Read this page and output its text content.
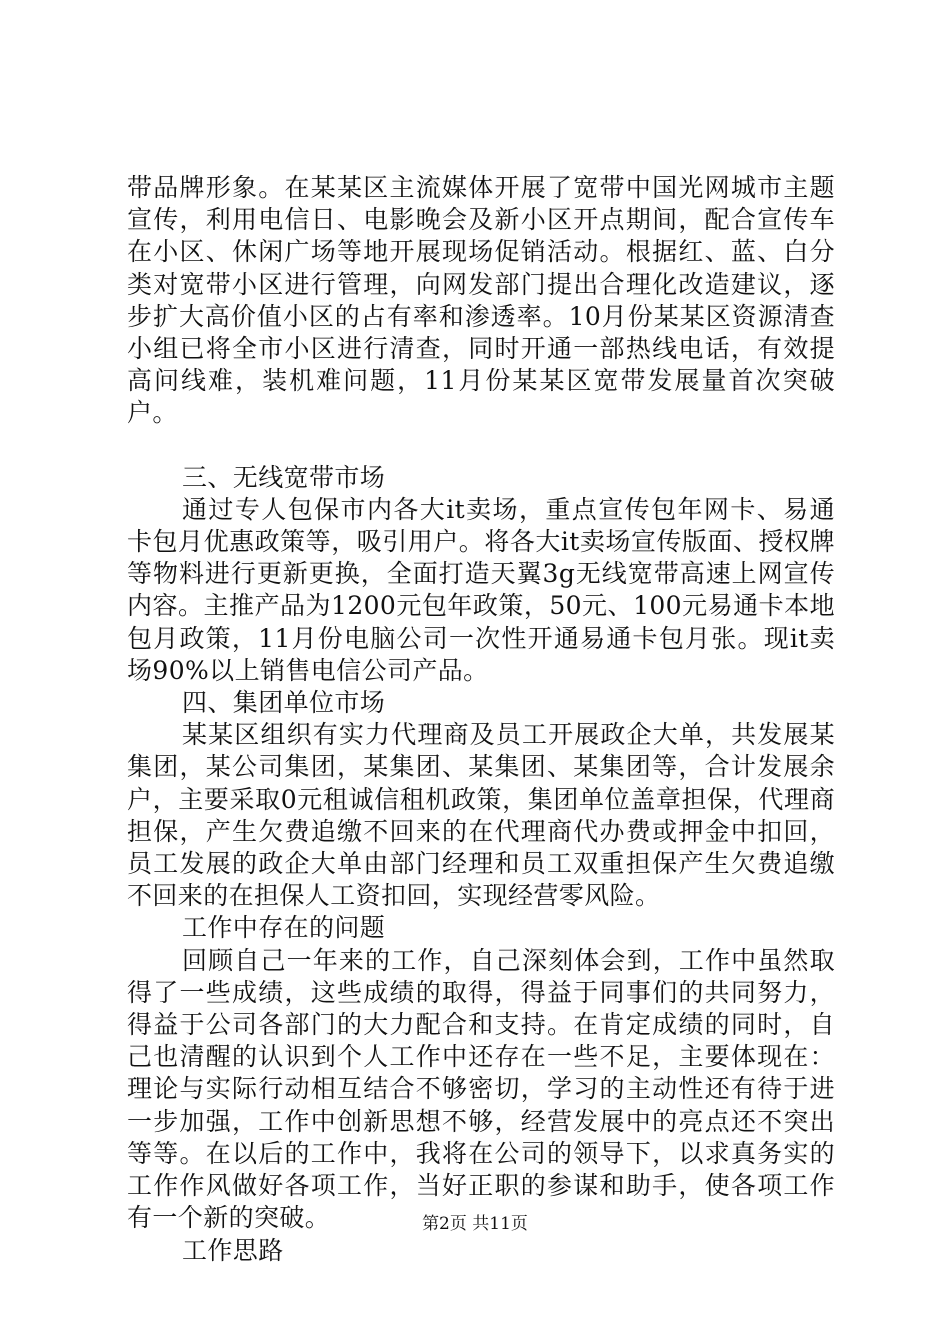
带品牌形象。在某某区主流媒体开展了宽带中国光网城市主题宣传，利用电信日、电影晚会及新小区开点期间，配合宣传车在小区、休闲广场等地开展现场促销活动。根据红、蓝、白分类对宽带小区进行管理，向网发部门提出合理化改造建议，逐步扩大高价值小区的占有率和渗透率。10月份某某区资源清查小组已将全市小区进行清查，同时开通一部热线电话，有效提高问线难，装机难问题，11月份某某区宽带发展量首次突破户。

三、无线宽带市场

通过专人包保市内各大it卖场，重点宣传包年网卡、易通卡包月优惠政策等，吸引用户。将各大it卖场宣传版面、授权牌等物料进行更新更换，全面打造天翼3g无线宽带高速上网宣传内容。主推产品为1200元包年政策，50元、100元易通卡本地包月政策，11月份电脑公司一次性开通易通卡包月张。现it卖场90%以上销售电信公司产品。

四、集团单位市场

某某区组织有实力代理商及员工开展政企大单，共发展某集团，某公司集团，某集团、某集团、某集团等，合计发展余户，主要采取0元租诚信租机政策，集团单位盖章担保，代理商担保，产生欠费追缴不回来的在代理商代办费或押金中扣回，员工发展的政企大单由部门经理和员工双重担保产生欠费追缴不回来的在担保人工资扣回，实现经营零风险。

工作中存在的问题

回顾自己一年来的工作，自己深刻体会到，工作中虽然取得了一些成绩，这些成绩的取得，得益于同事们的共同努力，得益于公司各部门的大力配合和支持。在肯定成绩的同时，自己也清醒的认识到个人工作中还存在一些不足，主要体现在：理论与实际行动相互结合不够密切，学习的主动性还有待于进一步加强，工作中创新思想不够，经营发展中的亮点还不突出等等。在以后的工作中，我将在公司的领导下，以求真务实的工作作风做好各项工作，当好正职的参谋和助手，使各项工作有一个新的突破。

工作思路

第2页 共11页
